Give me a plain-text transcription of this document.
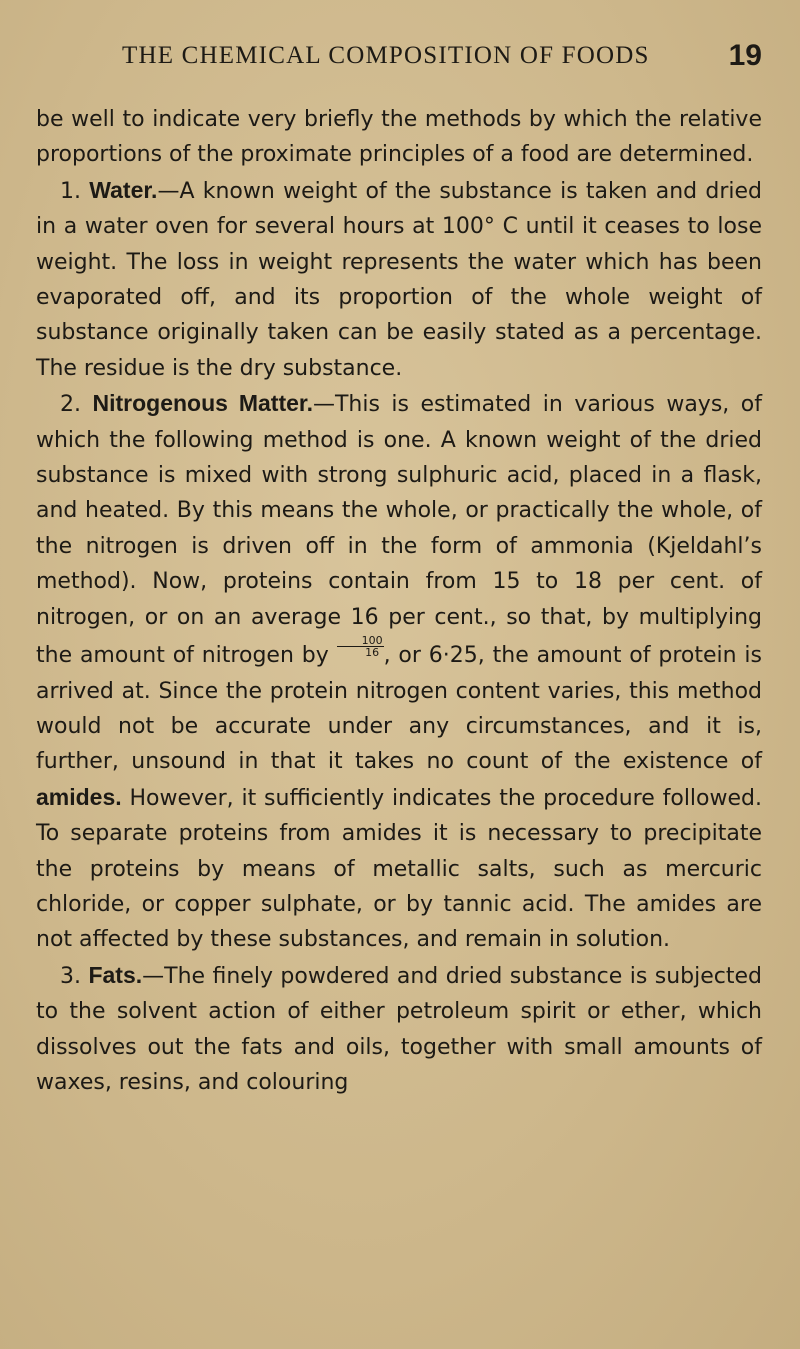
THE CHEMICAL COMPOSITION OF FOODS	19

be well to indicate very briefly the methods by which the relative proportions of the proximate principles of a food are determined.

1. Water.—A known weight of the substance is taken and dried in a water oven for several hours at 100° C until it ceases to lose weight. The loss in weight represents the water which has been evaporated off, and its proportion of the whole weight of substance originally taken can be easily stated as a percentage. The residue is the dry substance.

2. Nitrogenous Matter.—This is estimated in various ways, of which the following method is one. A known weight of the dried substance is mixed with strong sulphuric acid, placed in a flask, and heated. By this means the whole, or practically the whole, of the nitrogen is driven off in the form of ammonia (Kjeldahl’s method). Now, proteins contain from 15 to 18 per cent. of nitrogen, or on an average 16 per cent., so that, by multiplying the amount of nitrogen by $\frac{100}{16}$ , or 6·25, the amount of protein is arrived at. Since the protein nitrogen content varies, this method would not be accurate under any circumstances, and it is, further, unsound in that it takes no count of the existence of amides. However, it sufficiently indicates the procedure followed. To separate proteins from amides it is necessary to precipitate the proteins by means of metallic salts, such as mercuric chloride, or copper sulphate, or by tannic acid. The amides are not affected by these substances, and remain in solution.

3. Fats.—The finely powdered and dried substance is subjected to the solvent action of either petroleum spirit or ether, which dissolves out the fats and oils, together with small amounts of waxes, resins, and colouring
